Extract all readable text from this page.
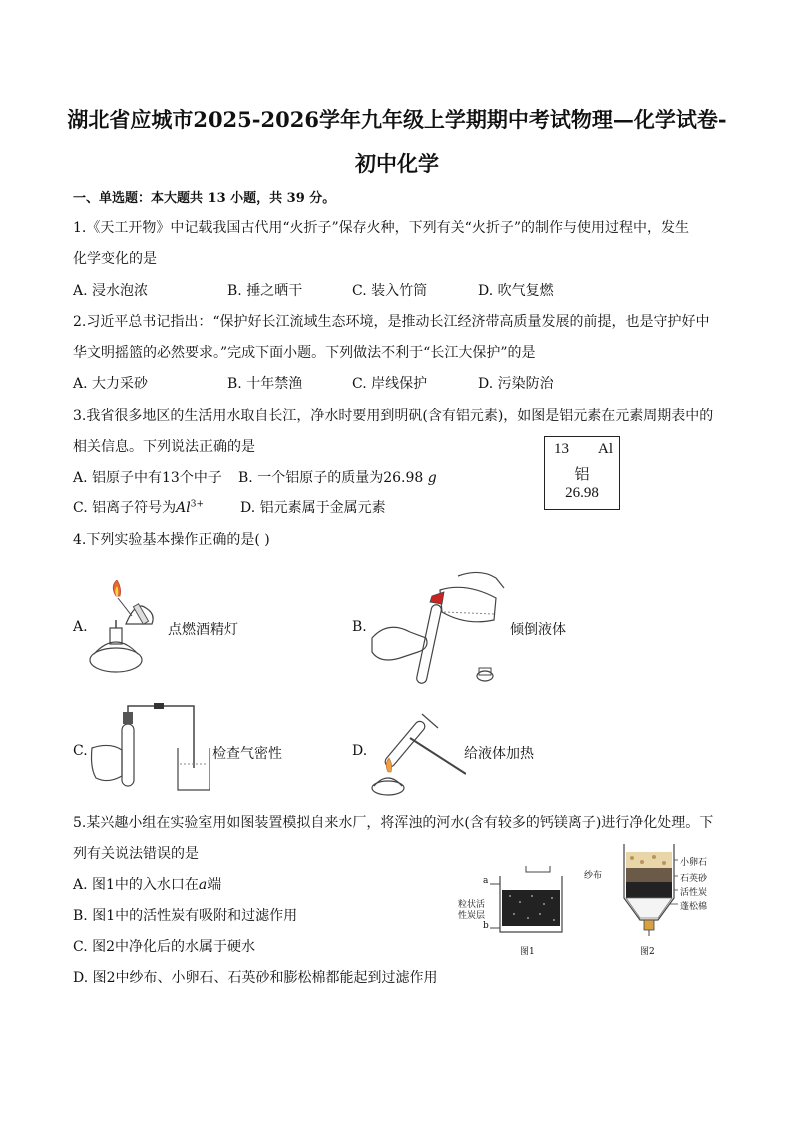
湖北省应城市2025-2026学年九年级上学期期中考试物理—化学试卷-
初中化学
一、单选题：本大题共 13 小题，共 39 分。
1.《天工开物》中记载我国古代用“火折子”保存火种，下列有关“火折子”的制作与使用过程中，发生
化学变化的是
A. 浸水泡浓	B. 捶之晒干	C. 装入竹筒	D. 吹气复燃
2.习近平总书记指出：“保护好长江流域生态环境，是推动长江经济带高质量发展的前提，也是守护好中
华文明摇篮的必然要求。”完成下面小题。下列做法不利于“长江大保护”的是
A. 大力采砂	B. 十年禁渔	C. 岸线保护	D. 污染防治
3.我省很多地区的生活用水取自长江，净水时要用到明矾(含有铝元素)，如图是铝元素在元素周期表中的
相关信息。下列说法正确的是
A. 铝原子中有13个中子 B. 一个铝原子的质量为26.98 g
C. 铝离子符号为$Al^{3+}$	D. 铝元素属于金属元素
13 Al
铝
26.98
4.下列实验基本操作正确的是( )
A.	点燃酒精灯	B.	倾倒液体
C.	检查气密性	D.	给液体加热
5.某兴趣小组在实验室用如图装置模拟自来水厂，将浑浊的河水(含有较多的钙镁离子)进行净化处理。下
列有关说法错误的是
A. 图1中的入水口在a端
B. 图1中的活性炭有吸附和过滤作用
C. 图2中净化后的水属于硬水
D. 图2中纱布、小卵石、石英砂和膨松棉都能起到过滤作用
a
b
粒状活
性炭层
图1
纱布
小卵石
石英砂
活性炭
蓬松棉
图2
